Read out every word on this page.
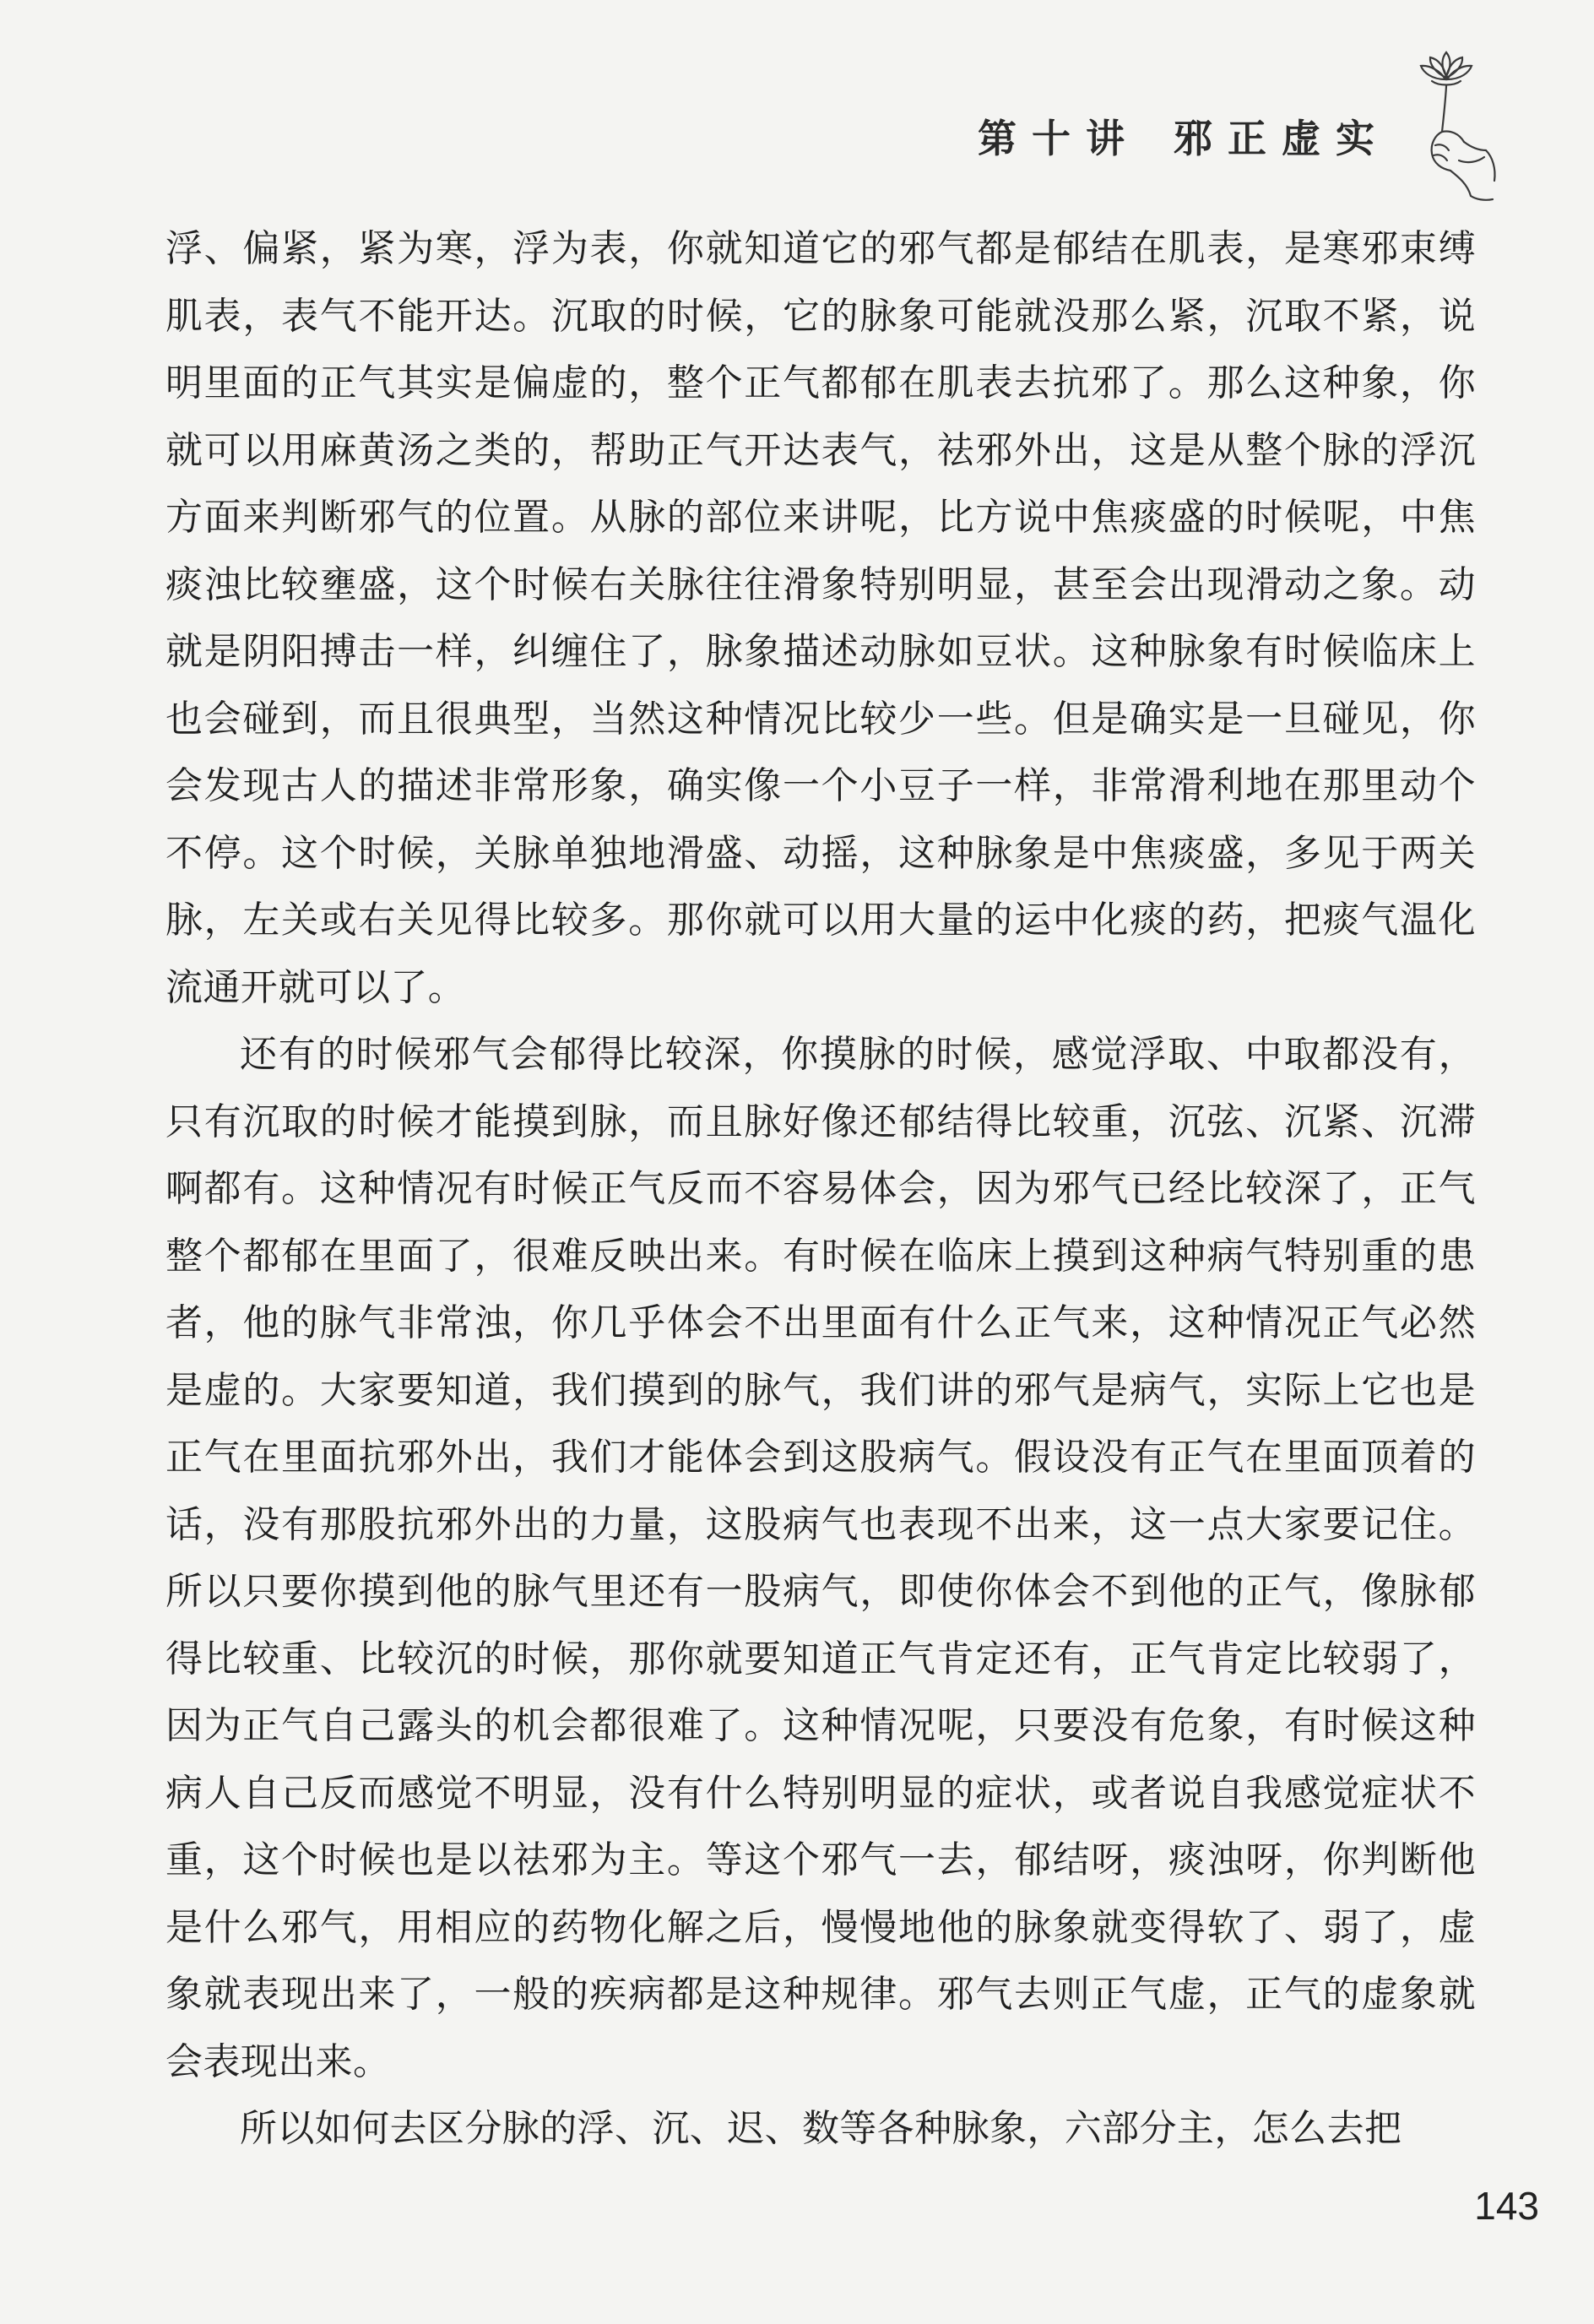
第十讲 邪正虚实

浮、偏紧，紧为寒，浮为表，你就知道它的邪气都是郁结在肌表，是寒邪束缚肌表，表气不能开达。沉取的时候，它的脉象可能就没那么紧，沉取不紧，说明里面的正气其实是偏虚的，整个正气都郁在肌表去抗邪了。那么这种象，你就可以用麻黄汤之类的，帮助正气开达表气，祛邪外出，这是从整个脉的浮沉方面来判断邪气的位置。从脉的部位来讲呢，比方说中焦痰盛的时候呢，中焦痰浊比较壅盛，这个时候右关脉往往滑象特别明显，甚至会出现滑动之象。动就是阴阳搏击一样，纠缠住了，脉象描述动脉如豆状。这种脉象有时候临床上也会碰到，而且很典型，当然这种情况比较少一些。但是确实是一旦碰见，你会发现古人的描述非常形象，确实像一个小豆子一样，非常滑利地在那里动个不停。这个时候，关脉单独地滑盛、动摇，这种脉象是中焦痰盛，多见于两关脉，左关或右关见得比较多。那你就可以用大量的运中化痰的药，把痰气温化流通开就可以了。

还有的时候邪气会郁得比较深，你摸脉的时候，感觉浮取、中取都没有，只有沉取的时候才能摸到脉，而且脉好像还郁结得比较重，沉弦、沉紧、沉滞啊都有。这种情况有时候正气反而不容易体会，因为邪气已经比较深了，正气整个都郁在里面了，很难反映出来。有时候在临床上摸到这种病气特别重的患者，他的脉气非常浊，你几乎体会不出里面有什么正气来，这种情况正气必然是虚的。大家要知道，我们摸到的脉气，我们讲的邪气是病气，实际上它也是正气在里面抗邪外出，我们才能体会到这股病气。假设没有正气在里面顶着的话，没有那股抗邪外出的力量，这股病气也表现不出来，这一点大家要记住。所以只要你摸到他的脉气里还有一股病气，即使你体会不到他的正气，像脉郁得比较重、比较沉的时候，那你就要知道正气肯定还有，正气肯定比较弱了，因为正气自己露头的机会都很难了。这种情况呢，只要没有危象，有时候这种病人自己反而感觉不明显，没有什么特别明显的症状，或者说自我感觉症状不重，这个时候也是以祛邪为主。等这个邪气一去，郁结呀，痰浊呀，你判断他是什么邪气，用相应的药物化解之后，慢慢地他的脉象就变得软了、弱了，虚象就表现出来了，一般的疾病都是这种规律。邪气去则正气虚，正气的虚象就会表现出来。

所以如何去区分脉的浮、沉、迟、数等各种脉象，六部分主，怎么去把

143
